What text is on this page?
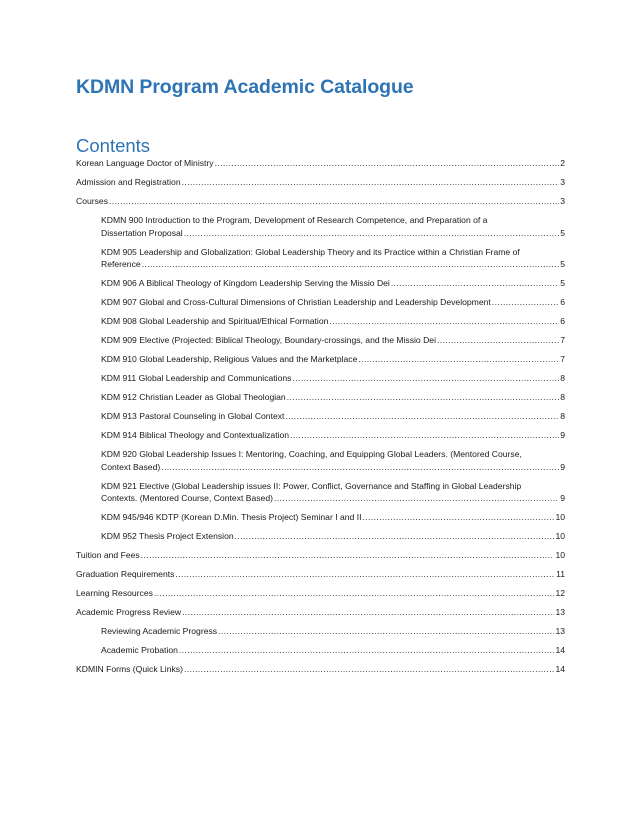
KDMN Program Academic Catalogue
Contents
Korean Language Doctor of Ministry .....	2
Admission and Registration .....	3
Courses .....	3
KDMN 900 Introduction to the Program, Development of Research Competence, and Preparation of a
Dissertation Proposal .....	5
KDM 905 Leadership and Globalization: Global Leadership Theory and its Practice within a Christian Frame of
Reference .....	5
KDM 906 A Biblical Theology of Kingdom Leadership Serving the Missio Dei .....	5
KDM 907 Global and Cross-Cultural Dimensions of Christian Leadership and Leadership Development .....	6
KDM 908 Global Leadership and Spiritual/Ethical Formation .....	6
KDM 909 Elective (Projected: Biblical Theology, Boundary-crossings, and the Missio Dei .....	7
KDM 910 Global Leadership, Religious Values and the Marketplace .....	7
KDM 911 Global Leadership and Communications .....	8
KDM 912 Christian Leader as Global Theologian .....	8
KDM 913 Pastoral Counseling in Global Context .....	8
KDM 914 Biblical Theology and Contextualization .....	9
KDM 920 Global Leadership Issues I: Mentoring, Coaching, and Equipping Global Leaders. (Mentored Course,
Context Based) .....	9
KDM 921 Elective (Global Leadership issues II: Power, Conflict, Governance and Staffing in Global Leadership
Contexts. (Mentored Course, Context Based) .....	9
KDM 945/946 KDTP (Korean D.Min. Thesis Project) Seminar I and II .....	10
KDM 952 Thesis Project Extension .....	10
Tuition and Fees .....	10
Graduation Requirements .....	11
Learning Resources .....	12
Academic Progress Review .....	13
Reviewing Academic Progress .....	13
Academic Probation .....	14
KDMIN Forms (Quick Links) .....	14
